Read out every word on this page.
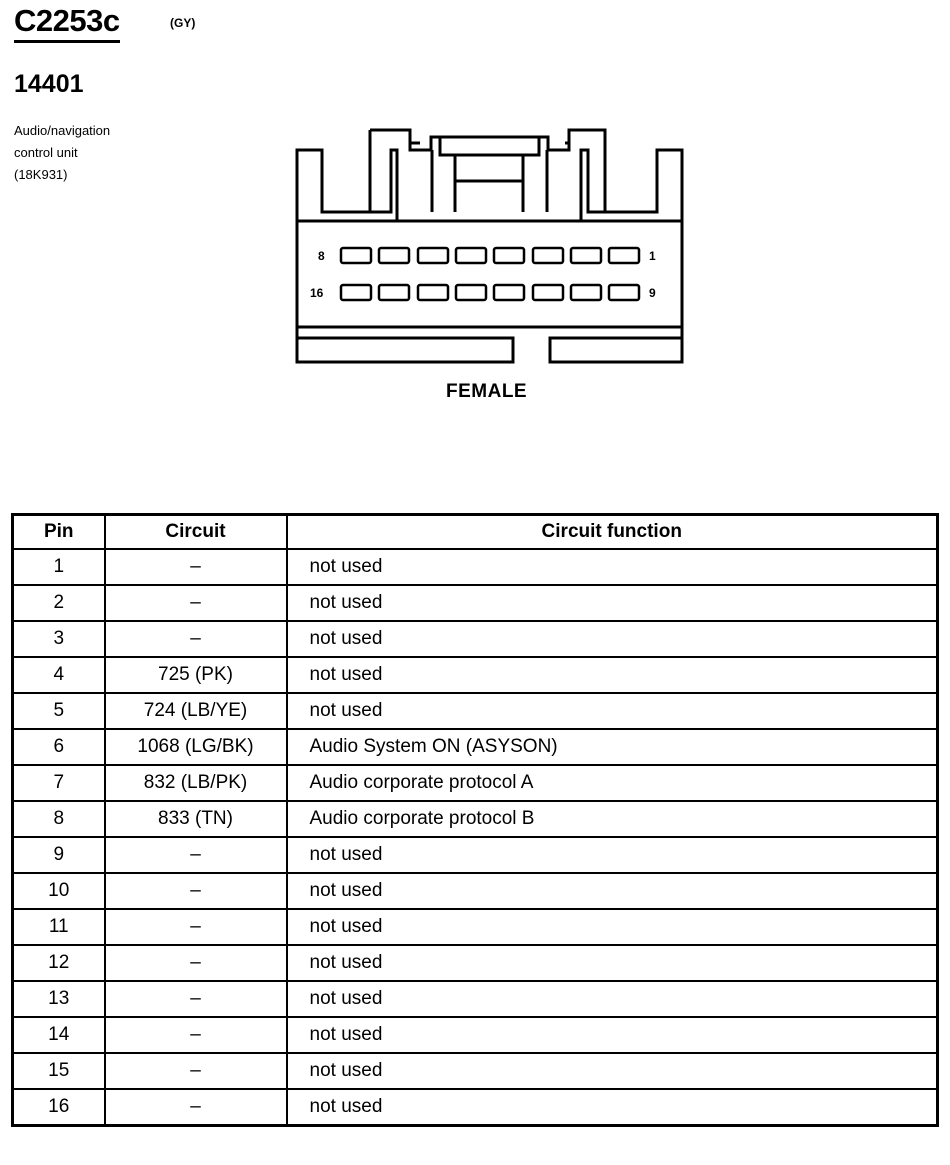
C2253c	(GY)
14401
Audio/navigation
control unit
(18K931)
8	1
16	9
FEMALE
Pin	Circuit	Circuit function
1	–	not used
2	–	not used
3	–	not used
4	725 (PK)	not used
5	724 (LB/YE)	not used
6	1068 (LG/BK)	Audio System ON (ASYSON)
7	832 (LB/PK)	Audio corporate protocol A
8	833 (TN)	Audio corporate protocol B
9	–	not used
10	–	not used
11	–	not used
12	–	not used
13	–	not used
14	–	not used
15	–	not used
16	–	not used
